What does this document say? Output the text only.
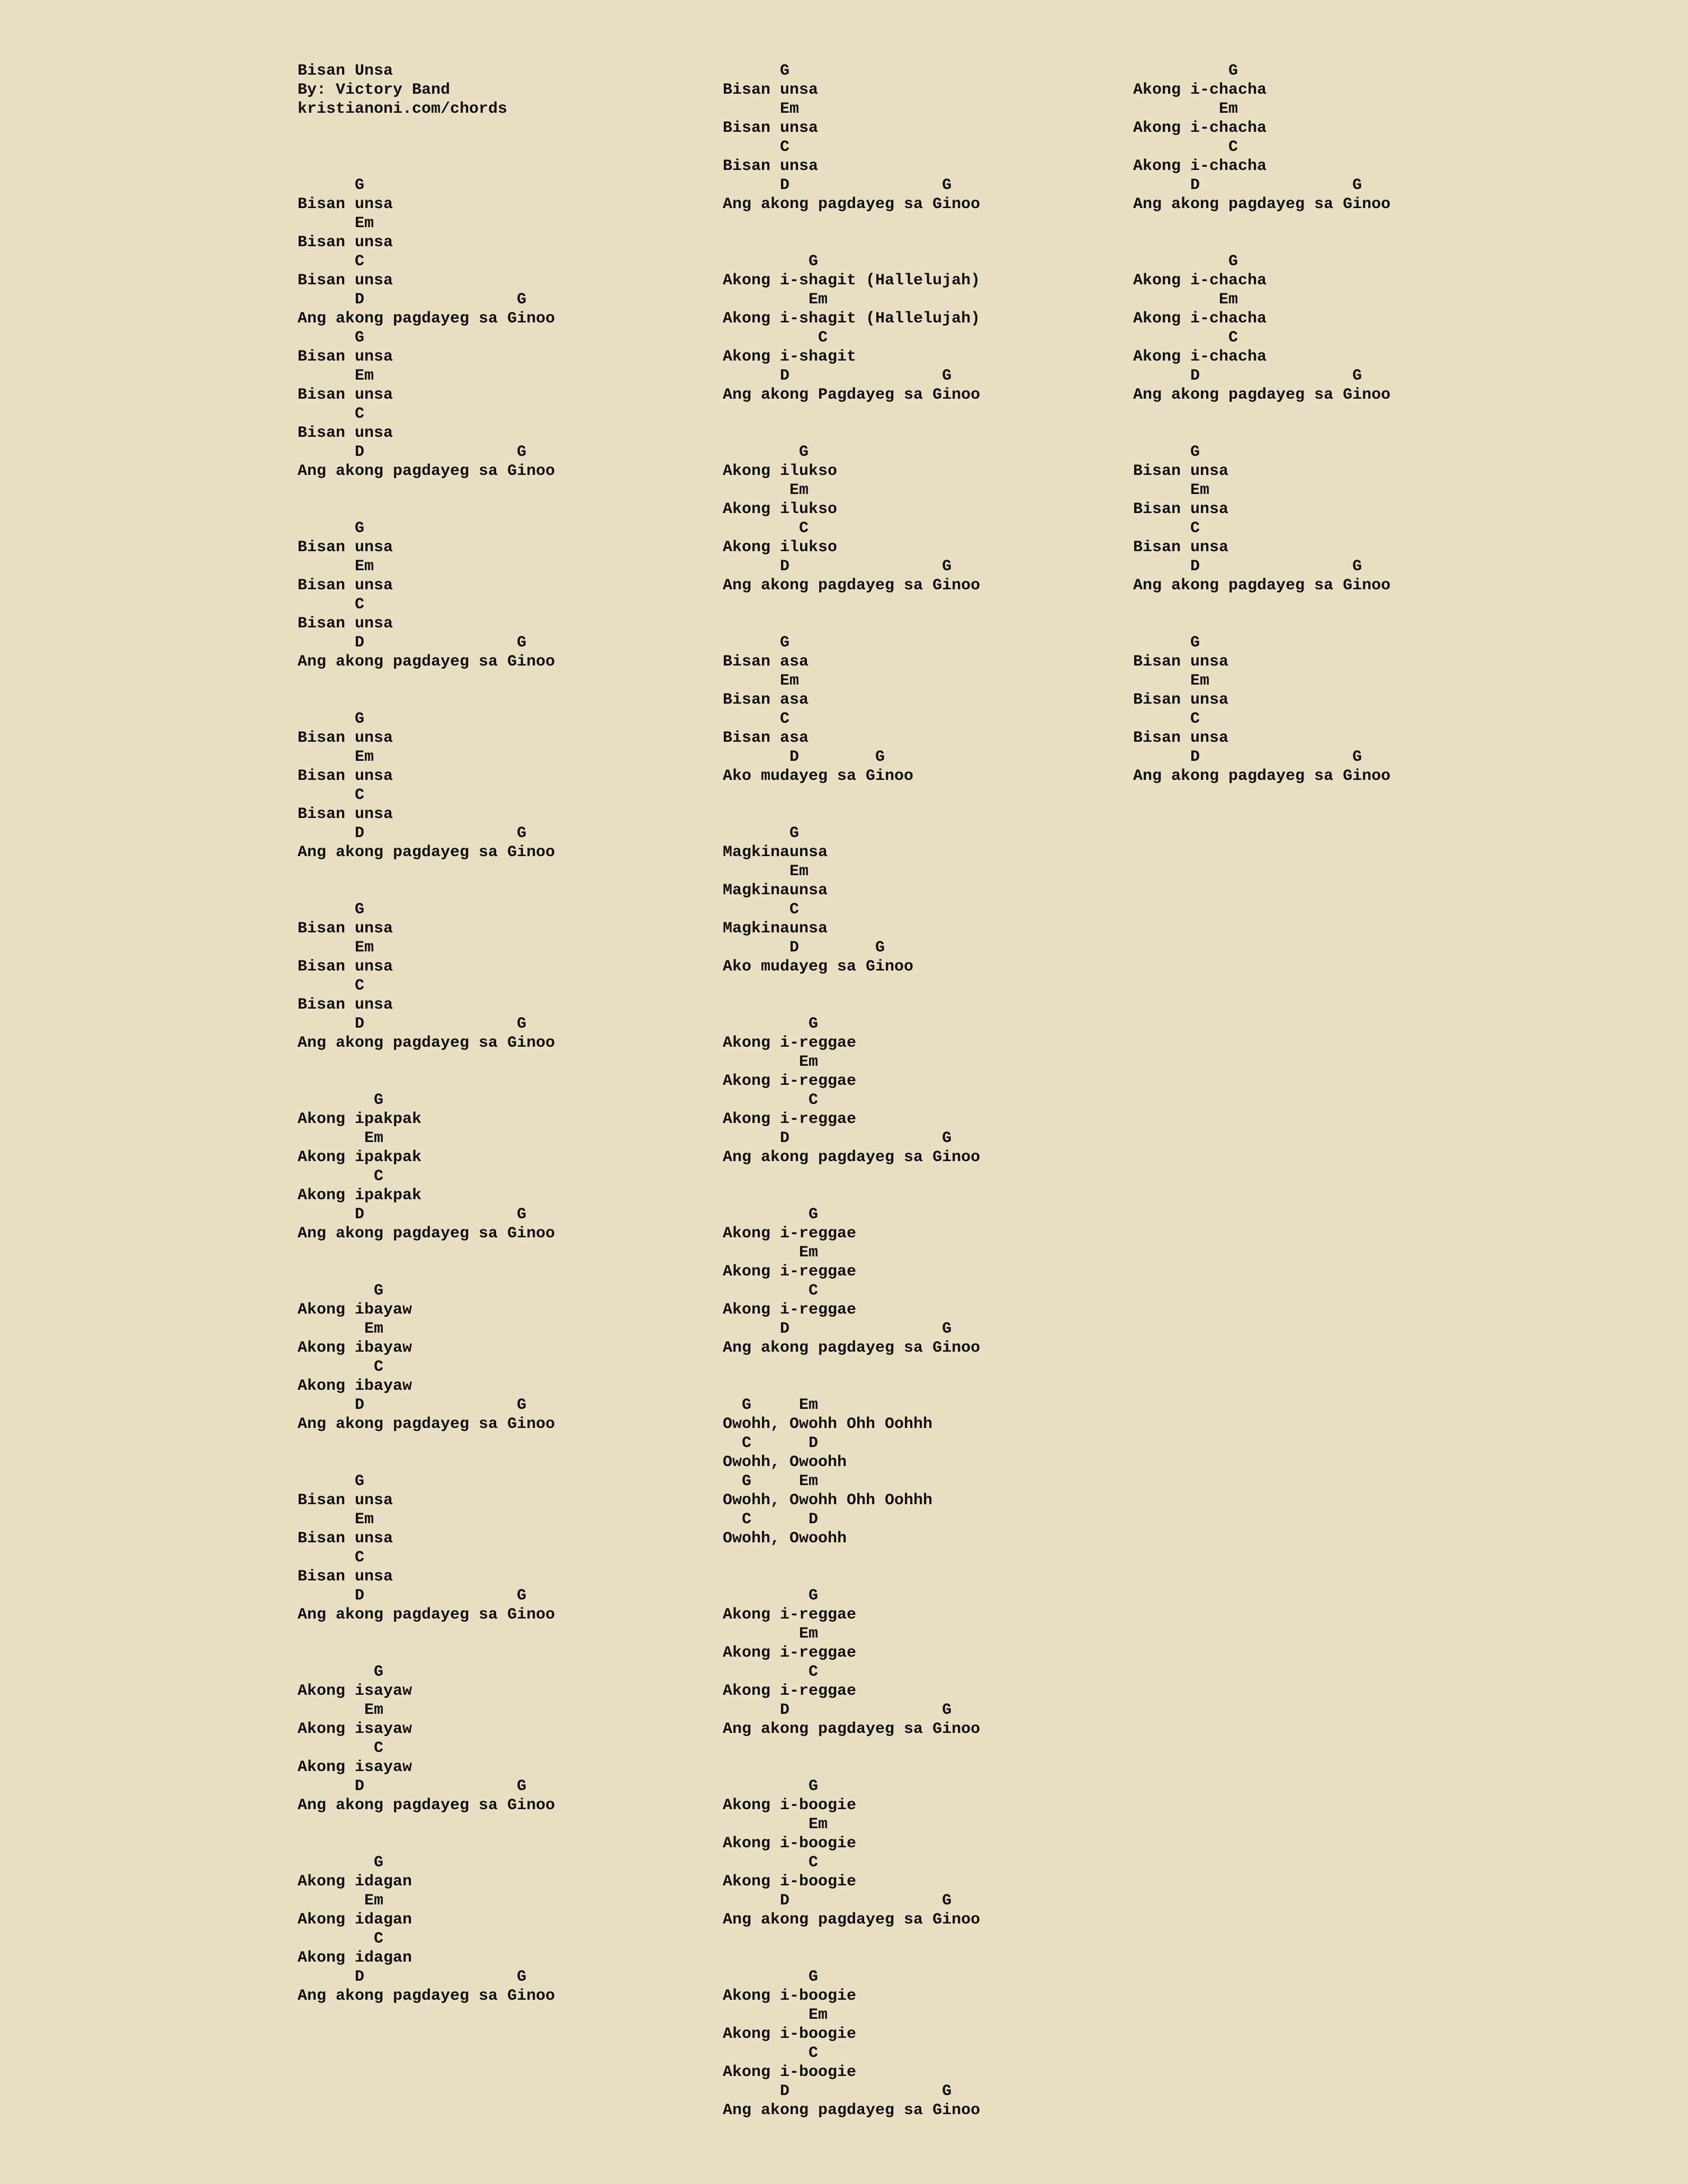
Bisan Unsa
By: Victory Band
kristianoni.com/chords
G
Bisan unsa
Em
Bisan unsa
C
Bisan unsa
D                G
Ang akong pagdayeg sa Ginoo
G
Bisan unsa
Em
Bisan unsa
C
Bisan unsa
D                G
Ang akong pagdayeg sa Ginoo
G
Bisan unsa
Em
Bisan unsa
C
Bisan unsa
D                G
Ang akong pagdayeg sa Ginoo
G
Bisan unsa
Em
Bisan unsa
C
Bisan unsa
D                G
Ang akong pagdayeg sa Ginoo
G
Bisan unsa
Em
Bisan unsa
C
Bisan unsa
D                G
Ang akong pagdayeg sa Ginoo
G
Akong ipakpak
Em
Akong ipakpak
C
Akong ipakpak
D                G
Ang akong pagdayeg sa Ginoo
G
Akong ibayaw
Em
Akong ibayaw
C
Akong ibayaw
D                G
Ang akong pagdayeg sa Ginoo
G
Bisan unsa
Em
Bisan unsa
C
Bisan unsa
D                G
Ang akong pagdayeg sa Ginoo
G
Akong isayaw
Em
Akong isayaw
C
Akong isayaw
D                G
Ang akong pagdayeg sa Ginoo
G
Akong idagan
Em
Akong idagan
C
Akong idagan
D                G
Ang akong pagdayeg sa Ginoo
G
Bisan unsa
Em
Bisan unsa
C
Bisan unsa
D                G
Ang akong pagdayeg sa Ginoo
G
Akong i-shagit (Hallelujah)
Em
Akong i-shagit (Hallelujah)
C
Akong i-shagit
D                G
Ang akong Pagdayeg sa Ginoo
G
Akong ilukso
Em
Akong ilukso
C
Akong ilukso
D                G
Ang akong pagdayeg sa Ginoo
G
Bisan asa
Em
Bisan asa
C
Bisan asa
D        G
Ako mudayeg sa Ginoo
G
Magkinaunsa
Em
Magkinaunsa
C
Magkinaunsa
D        G
Ako mudayeg sa Ginoo
G
Akong i-reggae
Em
Akong i-reggae
C
Akong i-reggae
D                G
Ang akong pagdayeg sa Ginoo
G
Akong i-reggae
Em
Akong i-reggae
C
Akong i-reggae
D                G
Ang akong pagdayeg sa Ginoo
G     Em
Owohh, Owohh Ohh Oohhh
C      D
Owohh, Owoohh
G     Em
Owohh, Owohh Ohh Oohhh
C      D
Owohh, Owoohh
G
Akong i-reggae
Em
Akong i-reggae
C
Akong i-reggae
D                G
Ang akong pagdayeg sa Ginoo
G
Akong i-boogie
Em
Akong i-boogie
C
Akong i-boogie
D                G
Ang akong pagdayeg sa Ginoo
G
Akong i-boogie
Em
Akong i-boogie
C
Akong i-boogie
D                G
Ang akong pagdayeg sa Ginoo
G
Akong i-chacha
Em
Akong i-chacha
C
Akong i-chacha
D                G
Ang akong pagdayeg sa Ginoo
G
Akong i-chacha
Em
Akong i-chacha
C
Akong i-chacha
D                G
Ang akong pagdayeg sa Ginoo
G
Bisan unsa
Em
Bisan unsa
C
Bisan unsa
D                G
Ang akong pagdayeg sa Ginoo
G
Bisan unsa
Em
Bisan unsa
C
Bisan unsa
D                G
Ang akong pagdayeg sa Ginoo
